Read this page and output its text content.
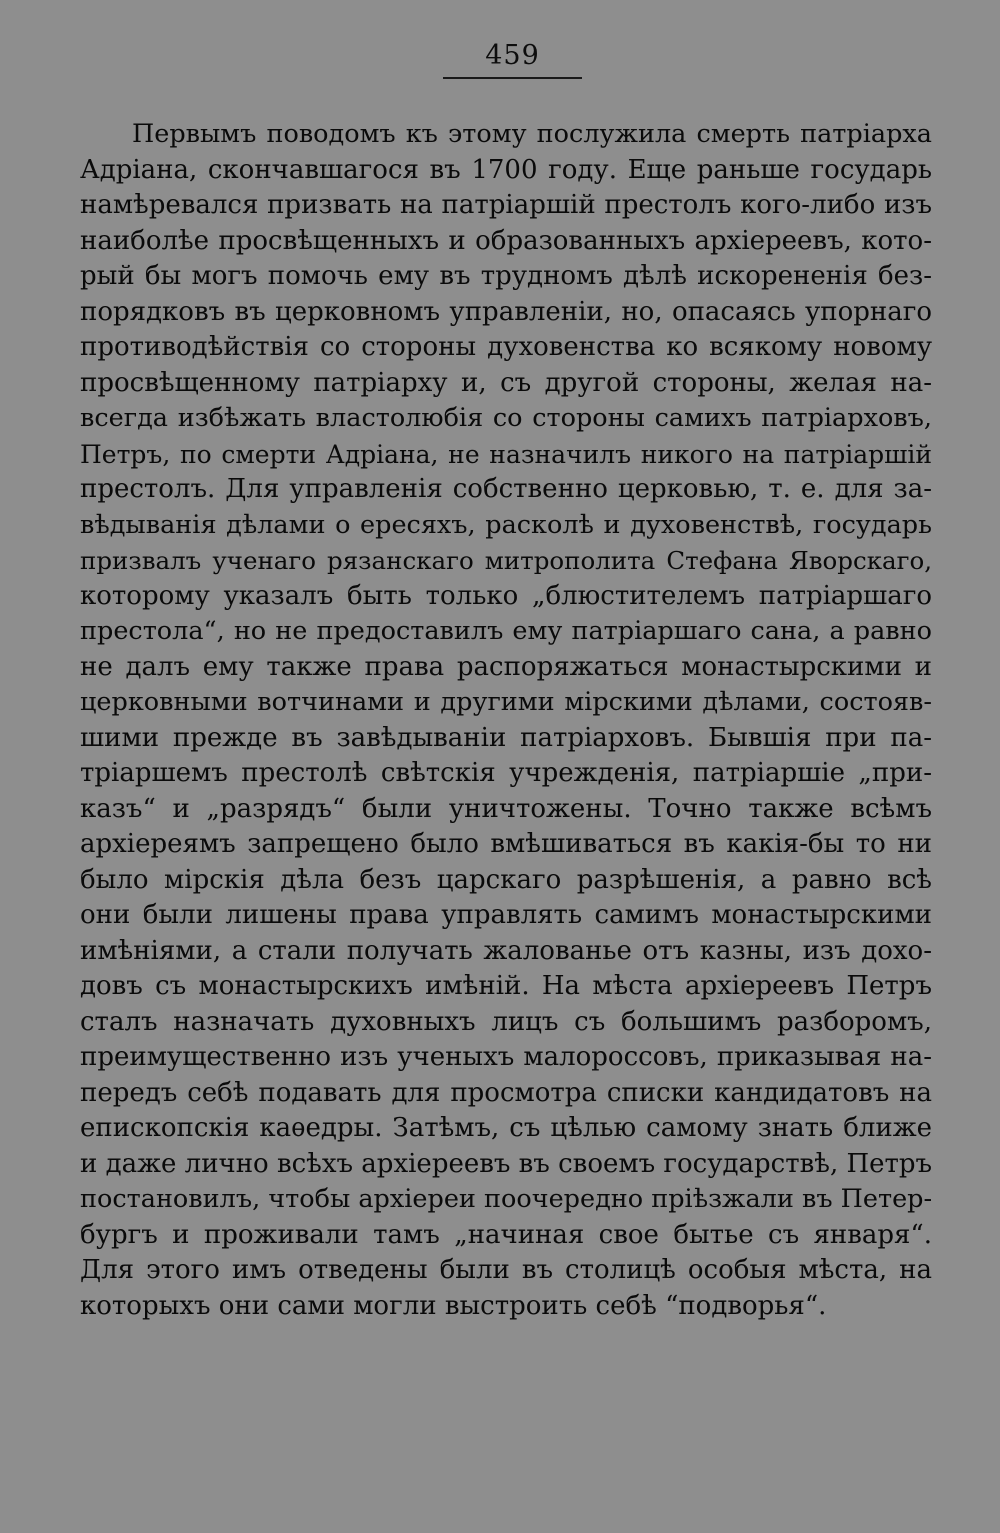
459
Первымъ поводомъ къ этому послужила смерть патріарха
Адріана, скончавшагося въ 1700 году. Еще раньше государь
намѣревался призвать на патріаршій престолъ кого-либо изъ
наиболѣе просвѣщенныхъ и образованныхъ архіереевъ, кото-
рый бы могъ помочь ему въ трудномъ дѣлѣ искорененія без-
порядковъ въ церковномъ управленіи, но, опасаясь упорнаго
противодѣйствія со стороны духовенства ко всякому новому
просвѣщенному патріарху и, съ другой стороны, желая на-
всегда избѣжать властолюбія со стороны самихъ патріарховъ,
Петръ, по смерти Адріана, не назначилъ никого на патріаршій
престолъ. Для управленія собственно церковью, т. е. для за-
вѣдыванія дѣлами о ересяхъ, расколѣ и духовенствѣ, государь
призвалъ ученаго рязанскаго митрополита Стефана Яворскаго,
которому указалъ быть только „блюстителемъ патріаршаго
престола“, но не предоставилъ ему патріаршаго сана, а равно
не далъ ему также права распоряжаться монастырскими и
церковными вотчинами и другими мірскими дѣлами, состояв-
шими прежде въ завѣдываніи патріарховъ. Бывшія при па-
тріаршемъ престолѣ свѣтскія учрежденія, патріаршіе „при-
казъ“ и „разрядъ“ были уничтожены. Точно также всѣмъ
архіереямъ запрещено было вмѣшиваться въ какія-бы то ни
было мірскія дѣла безъ царскаго разрѣшенія, а равно всѣ
они были лишены права управлять самимъ монастырскими
имѣніями, а стали получать жалованье отъ казны, изъ дохо-
довъ съ монастырскихъ имѣній. На мѣста архіереевъ Петръ
сталъ назначать духовныхъ лицъ съ большимъ разборомъ,
преимущественно изъ ученыхъ малороссовъ, приказывая на-
передъ себѣ подавать для просмотра списки кандидатовъ на
епископскія каѳедры. Затѣмъ, съ цѣлью самому знать ближе
и даже лично всѣхъ архіереевъ въ своемъ государствѣ, Петръ
постановилъ, чтобы архіереи поочередно пріѣзжали въ Петер-
бургъ и проживали тамъ „начиная свое бытье съ января“.
Для этого имъ отведены были въ столицѣ особыя мѣста, на
которыхъ они сами могли выстроить себѣ “подворья“.
